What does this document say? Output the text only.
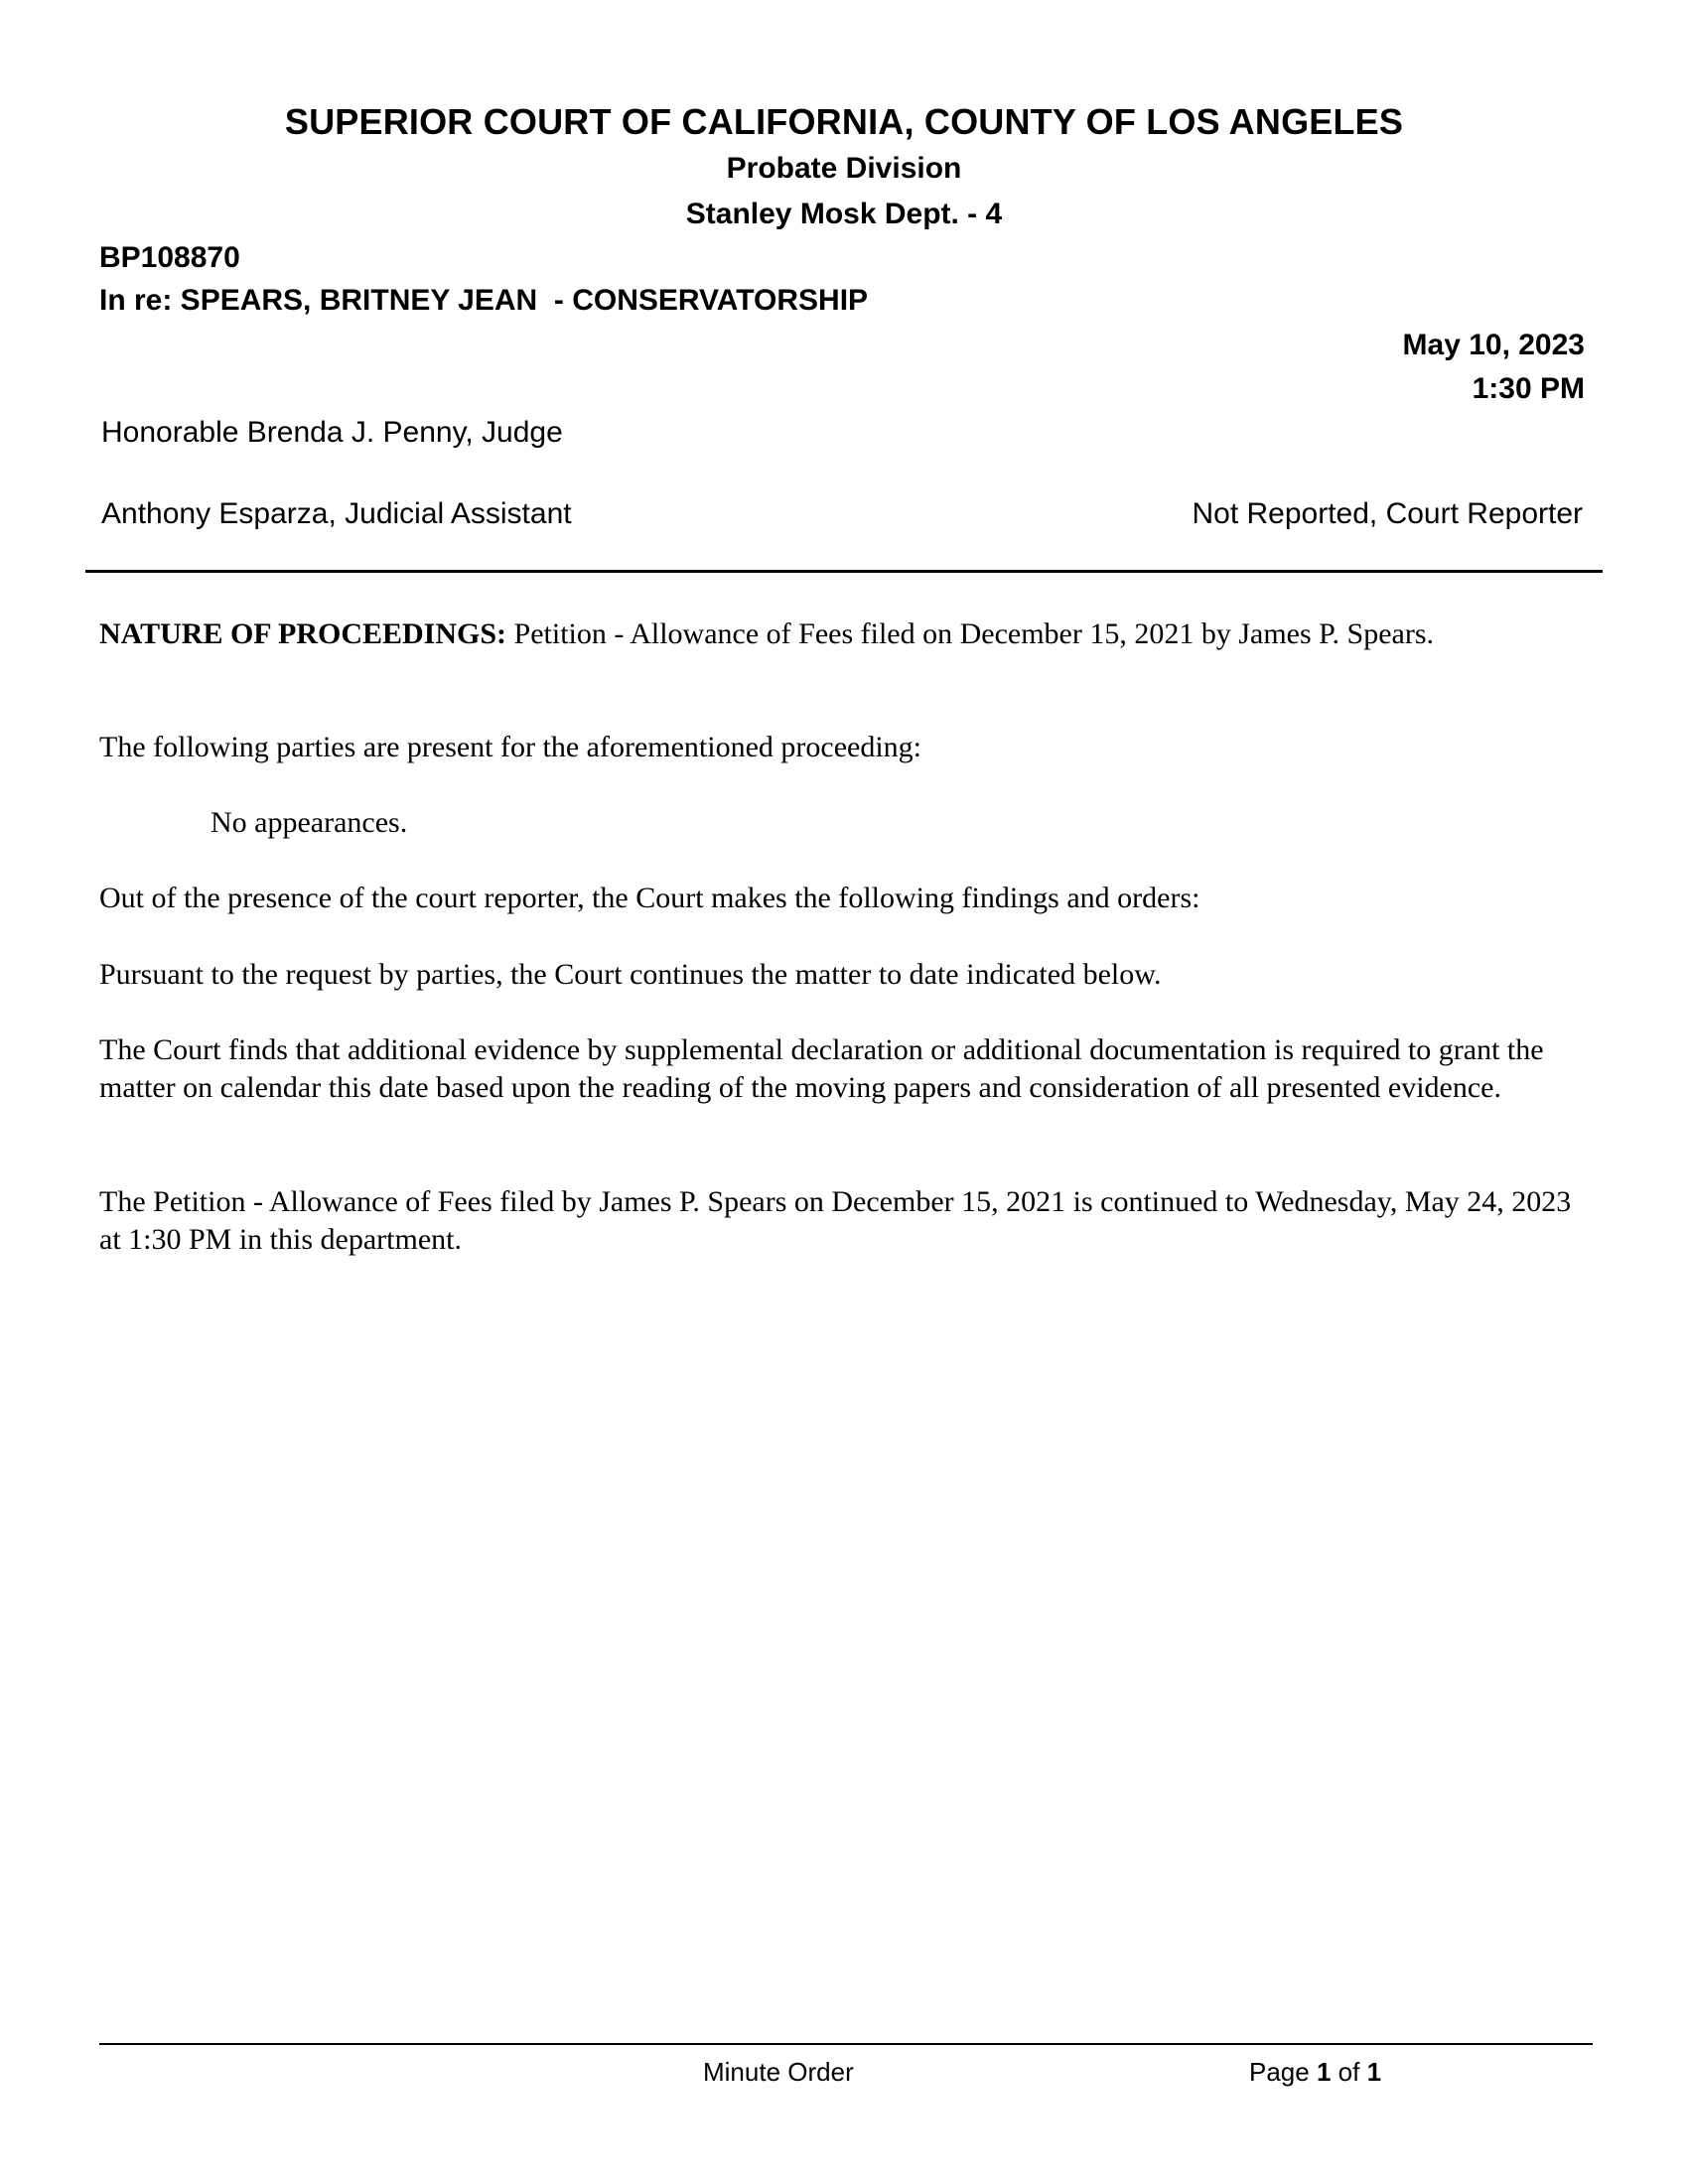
SUPERIOR COURT OF CALIFORNIA, COUNTY OF LOS ANGELES
Probate Division
Stanley Mosk Dept. - 4
BP108870
In re: SPEARS, BRITNEY JEAN  - CONSERVATORSHIP
May 10, 2023
1:30 PM
Honorable Brenda J. Penny, Judge
Anthony Esparza, Judicial Assistant	Not Reported, Court Reporter
NATURE OF PROCEEDINGS: Petition - Allowance of Fees filed on December 15, 2021 by James P. Spears.
The following parties are present for the aforementioned proceeding:
No appearances.
Out of the presence of the court reporter, the Court makes the following findings and orders:
Pursuant to the request by parties, the Court continues the matter to date indicated below.
The Court finds that additional evidence by supplemental declaration or additional documentation is required to grant the matter on calendar this date based upon the reading of the moving papers and consideration of all presented evidence.
The Petition - Allowance of Fees filed by James P. Spears on December 15, 2021 is continued to Wednesday, May 24, 2023 at 1:30 PM in this department.
Minute Order	Page 1 of 1
